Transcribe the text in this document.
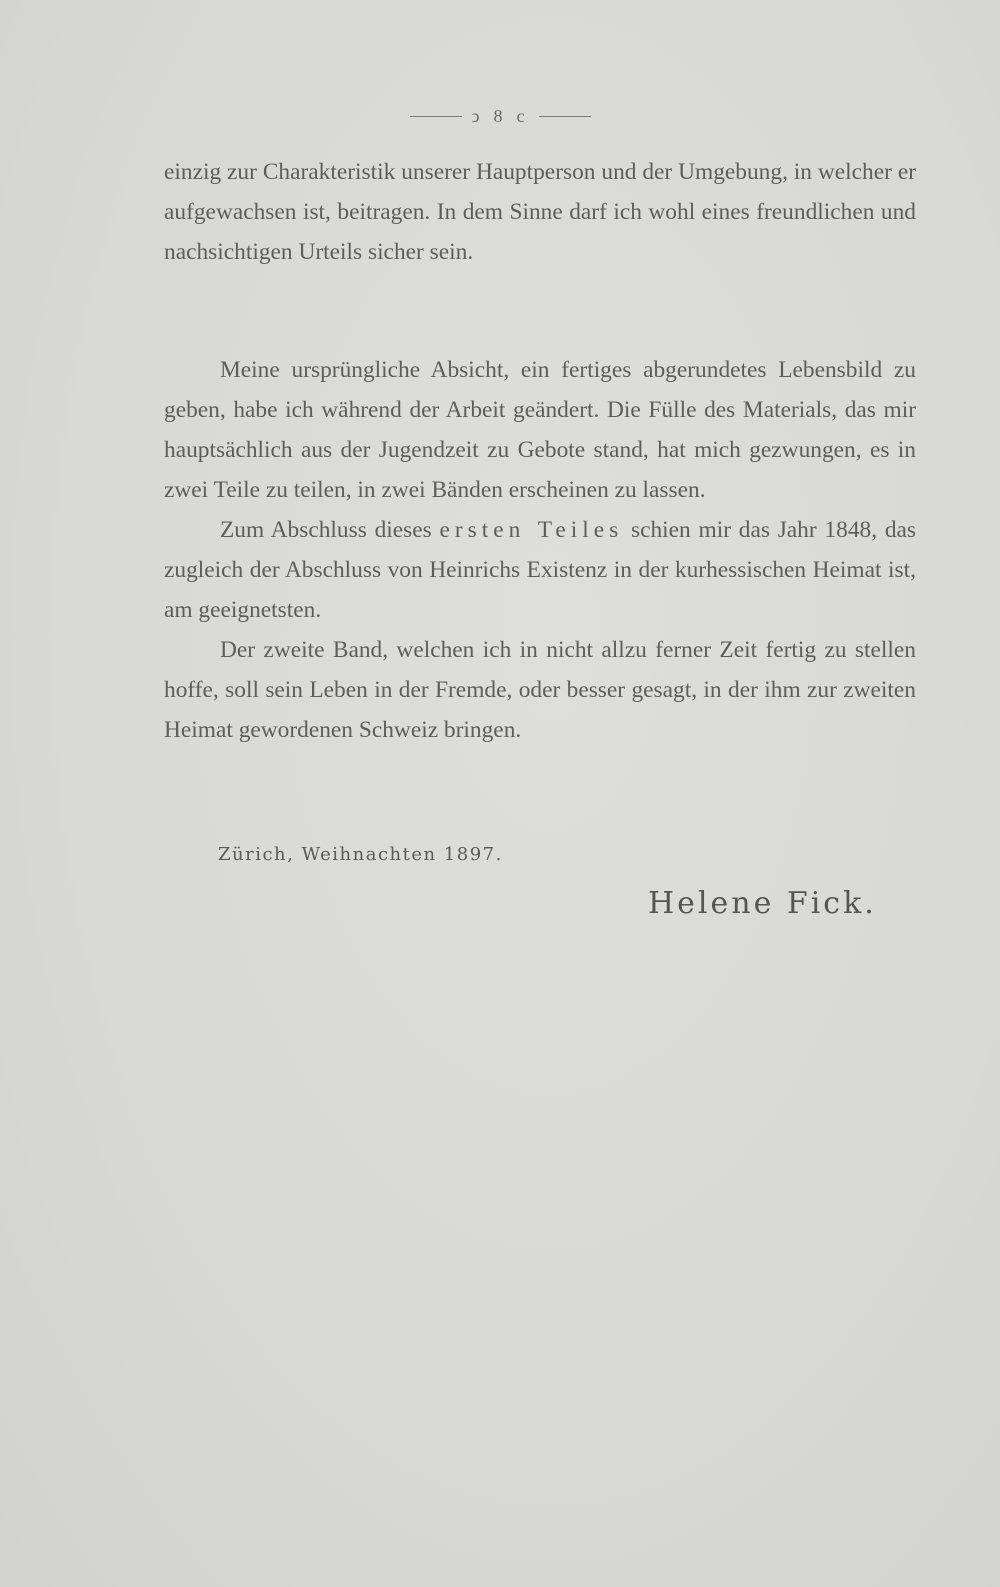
ↄ 8 c

einzig zur Charakteristik unserer Hauptperson und der Umgebung, in welcher er aufgewachsen ist, beitragen. In dem Sinne darf ich wohl eines freundlichen und nachsichtigen Urteils sicher sein.

Meine ursprüngliche Absicht, ein fertiges abgerundetes Lebensbild zu geben, habe ich während der Arbeit geändert. Die Fülle des Materials, das mir hauptsächlich aus der Jugendzeit zu Gebote stand, hat mich gezwungen, es in zwei Teile zu teilen, in zwei Bänden erscheinen zu lassen.

Zum Abschluss dieses ersten Teiles schien mir das Jahr 1848, das zugleich der Abschluss von Heinrichs Existenz in der kurhessischen Heimat ist, am geeignetsten.

Der zweite Band, welchen ich in nicht allzu ferner Zeit fertig zu stellen hoffe, soll sein Leben in der Fremde, oder besser gesagt, in der ihm zur zweiten Heimat gewordenen Schweiz bringen.

Zürich, Weihnachten 1897.
Helene Fick.
